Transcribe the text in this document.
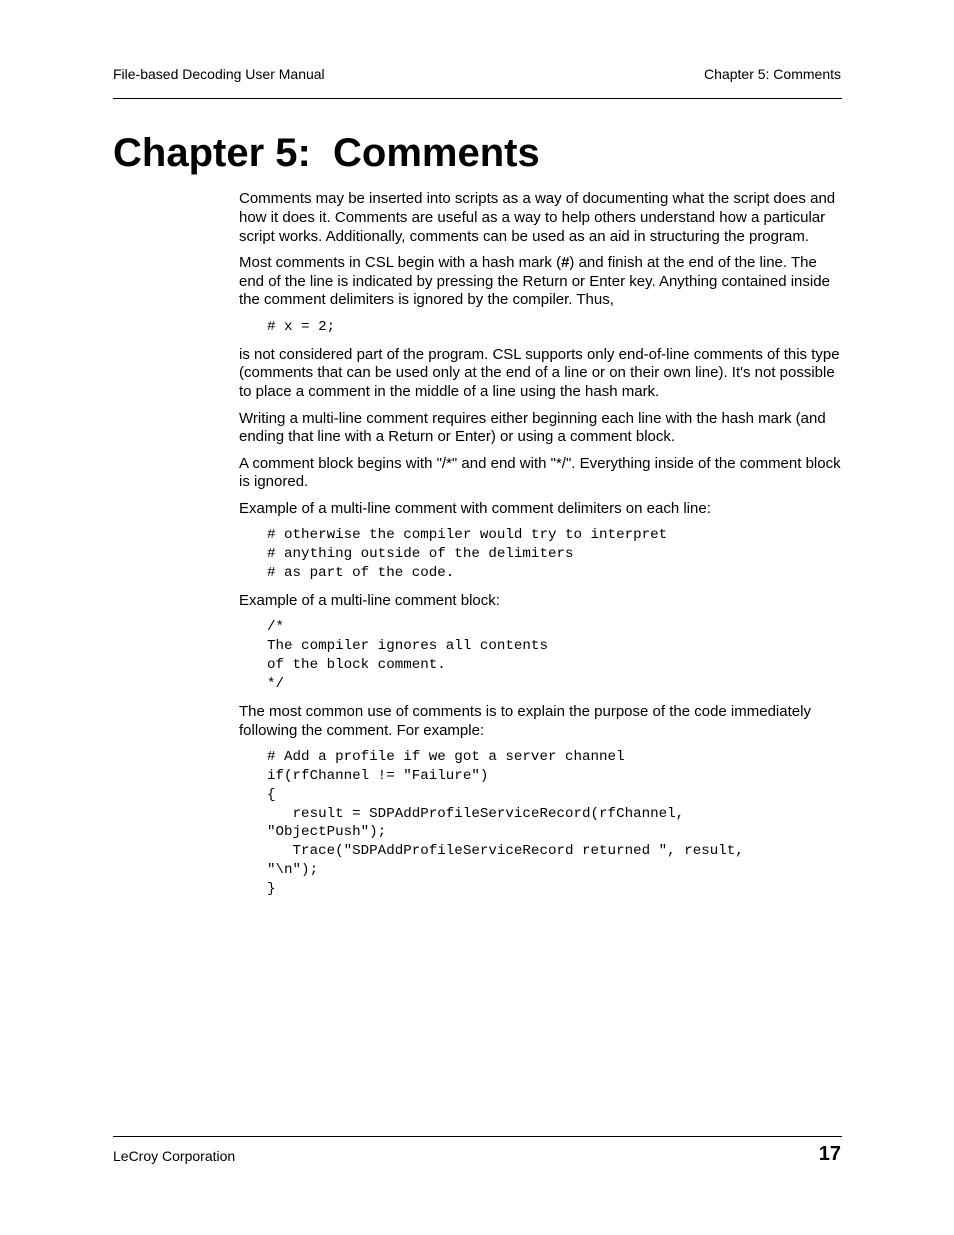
File-based Decoding User Manual	Chapter 5: Comments
Chapter 5:  Comments

Comments may be inserted into scripts as a way of documenting what the script does and how it does it. Comments are useful as a way to help others understand how a particular script works. Additionally, comments can be used as an aid in structuring the program.

Most comments in CSL begin with a hash mark (#) and finish at the end of the line. The end of the line is indicated by pressing the Return or Enter key. Anything contained inside the comment delimiters is ignored by the compiler. Thus,

# x = 2;

is not considered part of the program. CSL supports only end-of-line comments of this type (comments that can be used only at the end of a line or on their own line). It's not possible to place a comment in the middle of a line using the hash mark.

Writing a multi-line comment requires either beginning each line with the hash mark (and ending that line with a Return or Enter) or using a comment block.

A comment block begins with "/*" and end with "*/". Everything inside of the comment block is ignored.

Example of a multi-line comment with comment delimiters on each line:

# otherwise the compiler would try to interpret
# anything outside of the delimiters
# as part of the code.

Example of a multi-line comment block:

/*
The compiler ignores all contents
of the block comment.
*/

The most common use of comments is to explain the purpose of the code immediately following the comment. For example:

# Add a profile if we got a server channel
if(rfChannel != "Failure")
{
result = SDPAddProfileServiceRecord(rfChannel,
"ObjectPush");
Trace("SDPAddProfileServiceRecord returned ", result,
"\n");
}
LeCroy Corporation	17
